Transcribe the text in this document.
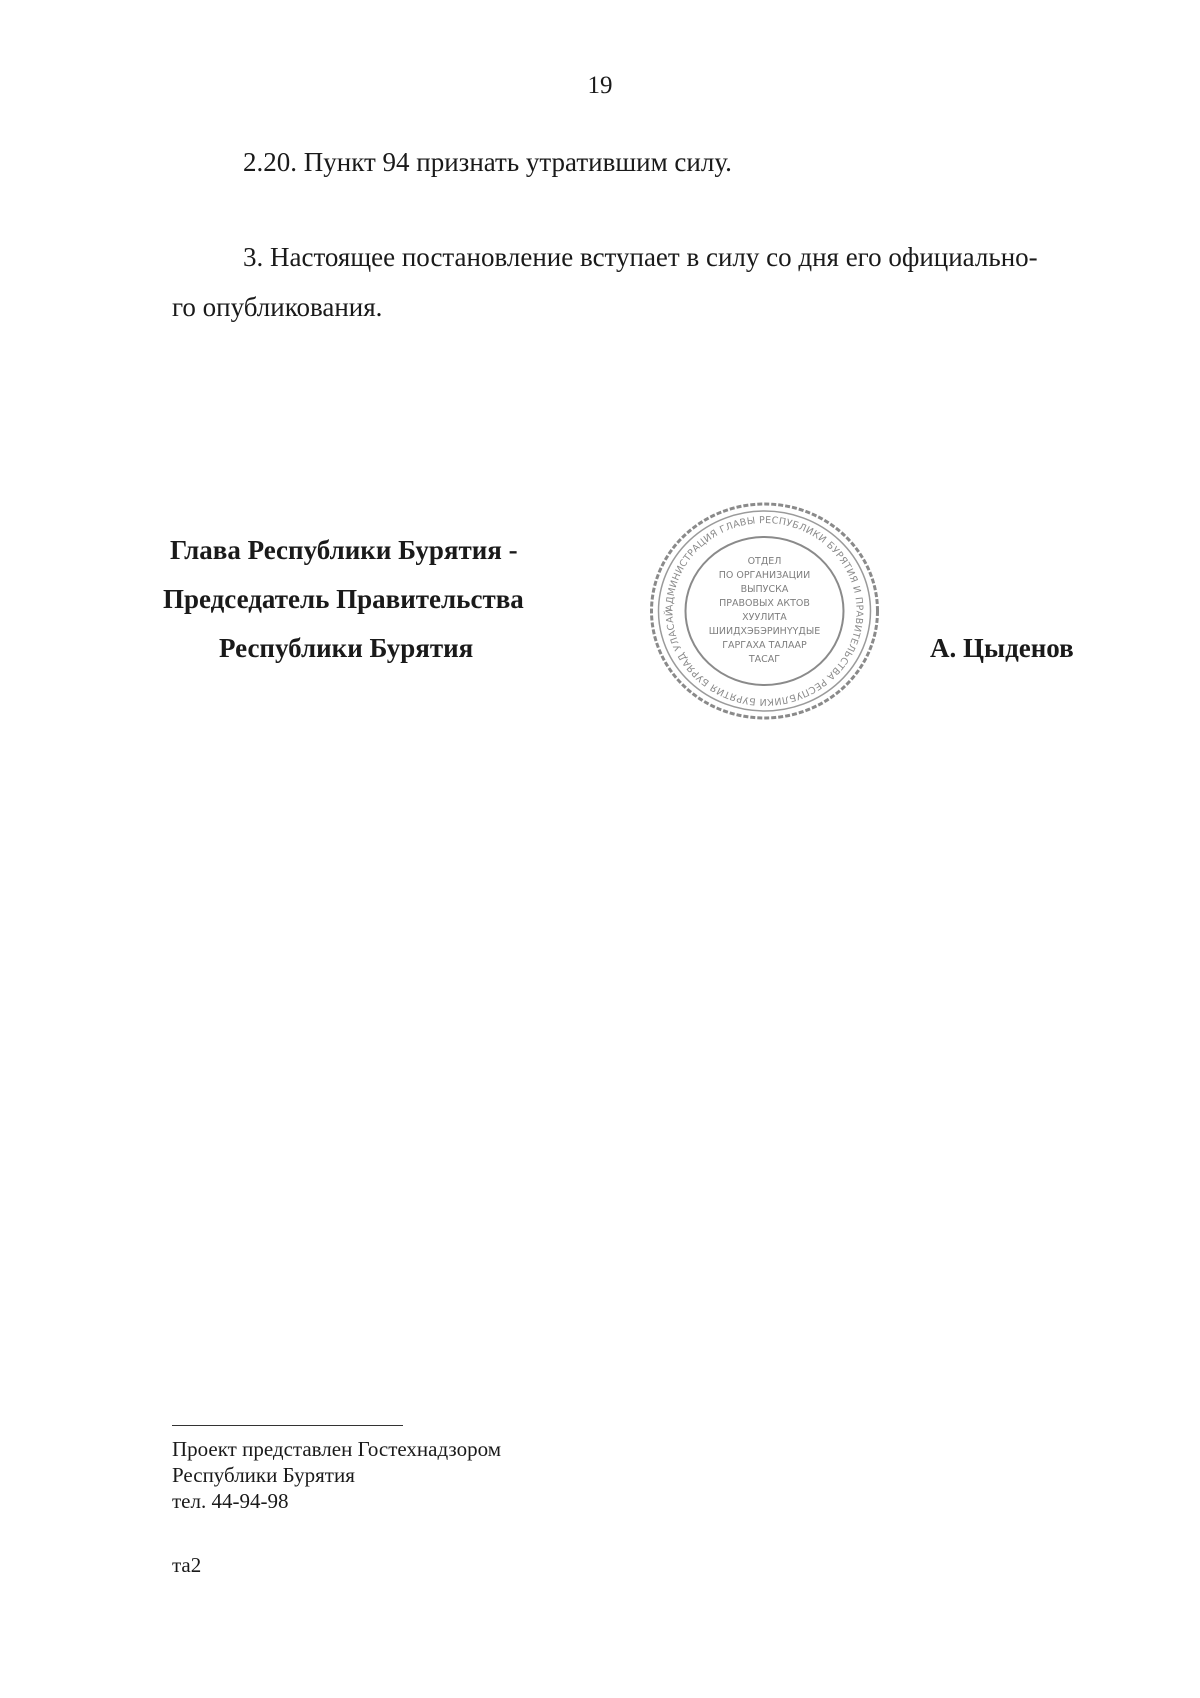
19
2.20. Пункт 94 признать утратившим силу.
3. Настоящее постановление вступает в силу со дня его официально-
го опубликования.
Глава Республики Бурятия -
Председатель Правительства
Республики Бурятия	А. Цыденов
АДМИНИСТРАЦИЯ ГЛАВЫ РЕСПУБЛИКИ БУРЯТИЯ И ПРАВИТЕЛЬСТВА РЕСПУБЛИКИ БУРЯТИЯ БУРЯАД УЛАСАЙ
ОТДЕЛ
ПО ОРГАНИЗАЦИИ
ВЫПУСКА
ПРАВОВЫХ АКТОВ
ХУУЛИТА
ШИИДХЭБЭРИНҮҮДЫЕ
ГАРГАХА ТАЛААР
ТАСАГ
Проект представлен Гостехнадзором
Республики Бурятия
тел. 44-94-98
та2
